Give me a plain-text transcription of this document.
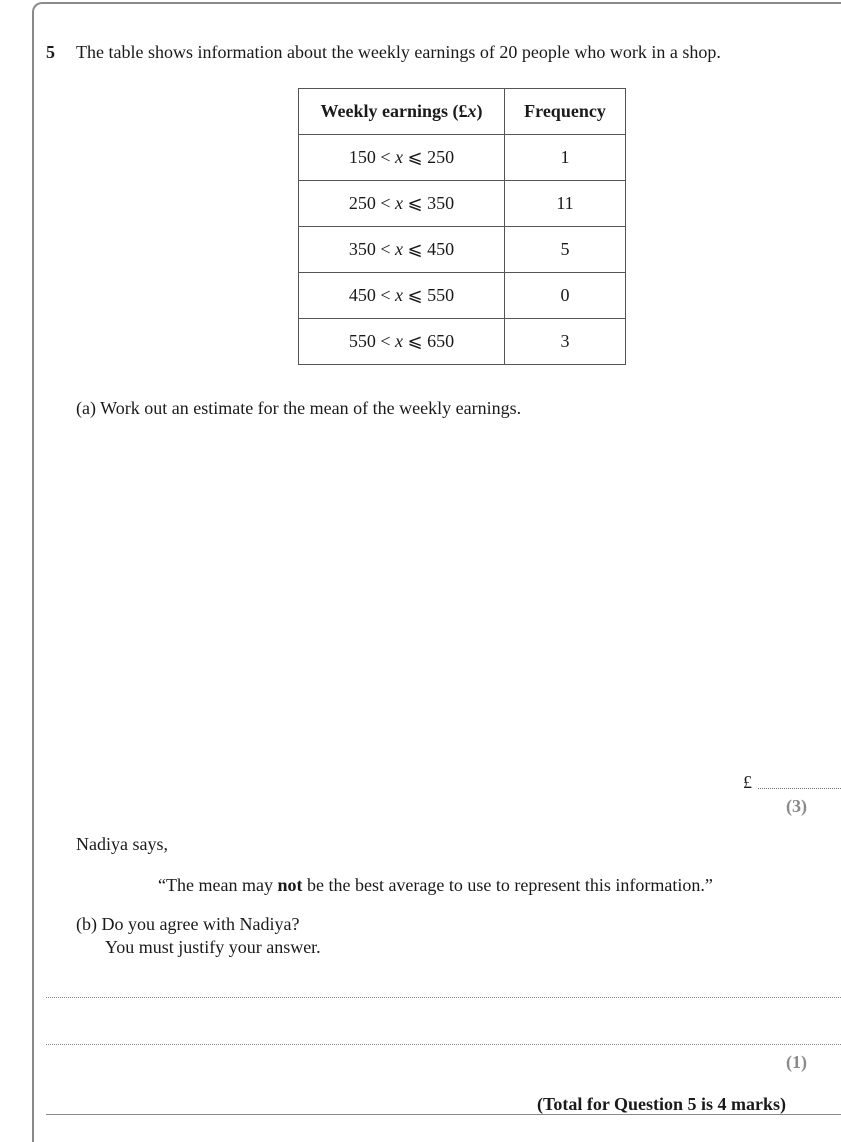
5 The table shows information about the weekly earnings of 20 people who work in a shop.
Weekly earnings (£x)	Frequency
150 < x ⩽ 250	1
250 < x ⩽ 350	11
350 < x ⩽ 450	5
450 < x ⩽ 550	0
550 < x ⩽ 650	3
(a) Work out an estimate for the mean of the weekly earnings.
£
(3)
Nadiya says,
“The mean may not be the best average to use to represent this information.”
(b) Do you agree with Nadiya?
You must justify your answer.
(1)
(Total for Question 5 is 4 marks)
